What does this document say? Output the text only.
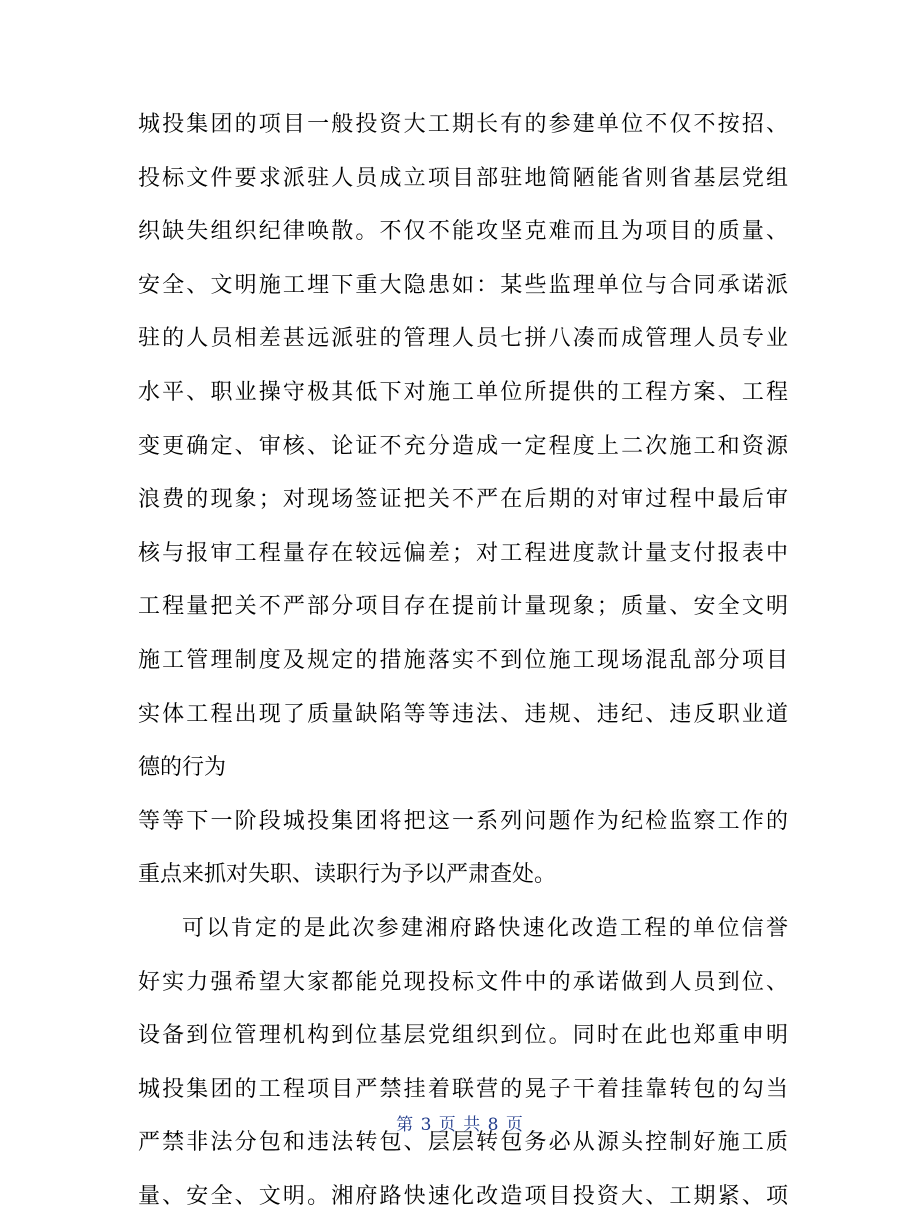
城投集团的项目一般投资大工期长有的参建单位不仅不按招、
投标文件要求派驻人员成立项目部驻地简陋能省则省基层党组
织缺失组织纪律唤散。不仅不能攻坚克难而且为项目的质量、
安全、文明施工埋下重大隐患如：某些监理单位与合同承诺派
驻的人员相差甚远派驻的管理人员七拼八凑而成管理人员专业
水平、职业操守极其低下对施工单位所提供的工程方案、工程
变更确定、审核、论证不充分造成一定程度上二次施工和资源
浪费的现象；对现场签证把关不严在后期的对审过程中最后审
核与报审工程量存在较远偏差；对工程进度款计量支付报表中
工程量把关不严部分项目存在提前计量现象；质量、安全文明
施工管理制度及规定的措施落实不到位施工现场混乱部分项目
实体工程出现了质量缺陷等等违法、违规、违纪、违反职业道
德的行为
等等下一阶段城投集团将把这一系列问题作为纪检监察工作的
重点来抓对失职、读职行为予以严肃查处。
可以肯定的是此次参建湘府路快速化改造工程的单位信誉
好实力强希望大家都能兑现投标文件中的承诺做到人员到位、
设备到位管理机构到位基层党组织到位。同时在此也郑重申明
城投集团的工程项目严禁挂着联营的晃子干着挂靠转包的勾当
严禁非法分包和违法转包、层层转包务必从源头控制好施工质
量、安全、文明。湘府路快速化改造项目投资大、工期紧、项
第 3 页 共 8 页
